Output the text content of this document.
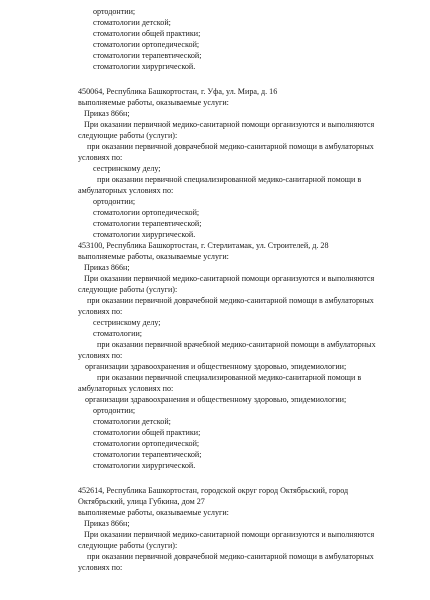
ортодонтии;
стоматологии детской;
стоматологии общей практики;
стоматологии ортопедической;
стоматологии терапевтической;
стоматологии хирургической.
450064, Республика Башкортостан, г. Уфа, ул. Мира, д. 16
выполняемые работы, оказываемые услуги:
Приказ 866н;
При оказании первичной медико-санитарной помощи организуются и выполняются
следующие работы (услуги):
при оказании первичной доврачебной медико-санитарной помощи в амбулаторных
условиях по:
сестринскому делу;
при оказании первичной специализированной медико-санитарной помощи в
амбулаторных условиях по:
ортодонтии;
стоматологии ортопедической;
стоматологии терапевтической;
стоматологии хирургической.
453100, Республика Башкортостан, г. Стерлитамак, ул. Строителей, д. 28
выполняемые работы, оказываемые услуги:
Приказ 866н;
При оказании первичной медико-санитарной помощи организуются и выполняются
следующие работы (услуги):
при оказании первичной доврачебной медико-санитарной помощи в амбулаторных
условиях по:
сестринскому делу;
стоматологии;
при оказании первичной врачебной медико-санитарной помощи в амбулаторных
условиях по:
организации здравоохранения и общественному здоровью, эпидемиологии;
при оказании первичной специализированной медико-санитарной помощи в
амбулаторных условиях по:
организации здравоохранения и общественному здоровью, эпидемиологии;
ортодонтии;
стоматологии детской;
стоматологии общей практики;
стоматологии ортопедической;
стоматологии терапевтической;
стоматологии хирургической.
452614, Республика Башкортостан, городской округ город Октябрьский, город
Октябрьский, улица Губкина, дом 27
выполняемые работы, оказываемые услуги:
Приказ 866н;
При оказании первичной медико-санитарной помощи организуются и выполняются
следующие работы (услуги):
при оказании первичной доврачебной медико-санитарной помощи в амбулаторных
условиях по:
